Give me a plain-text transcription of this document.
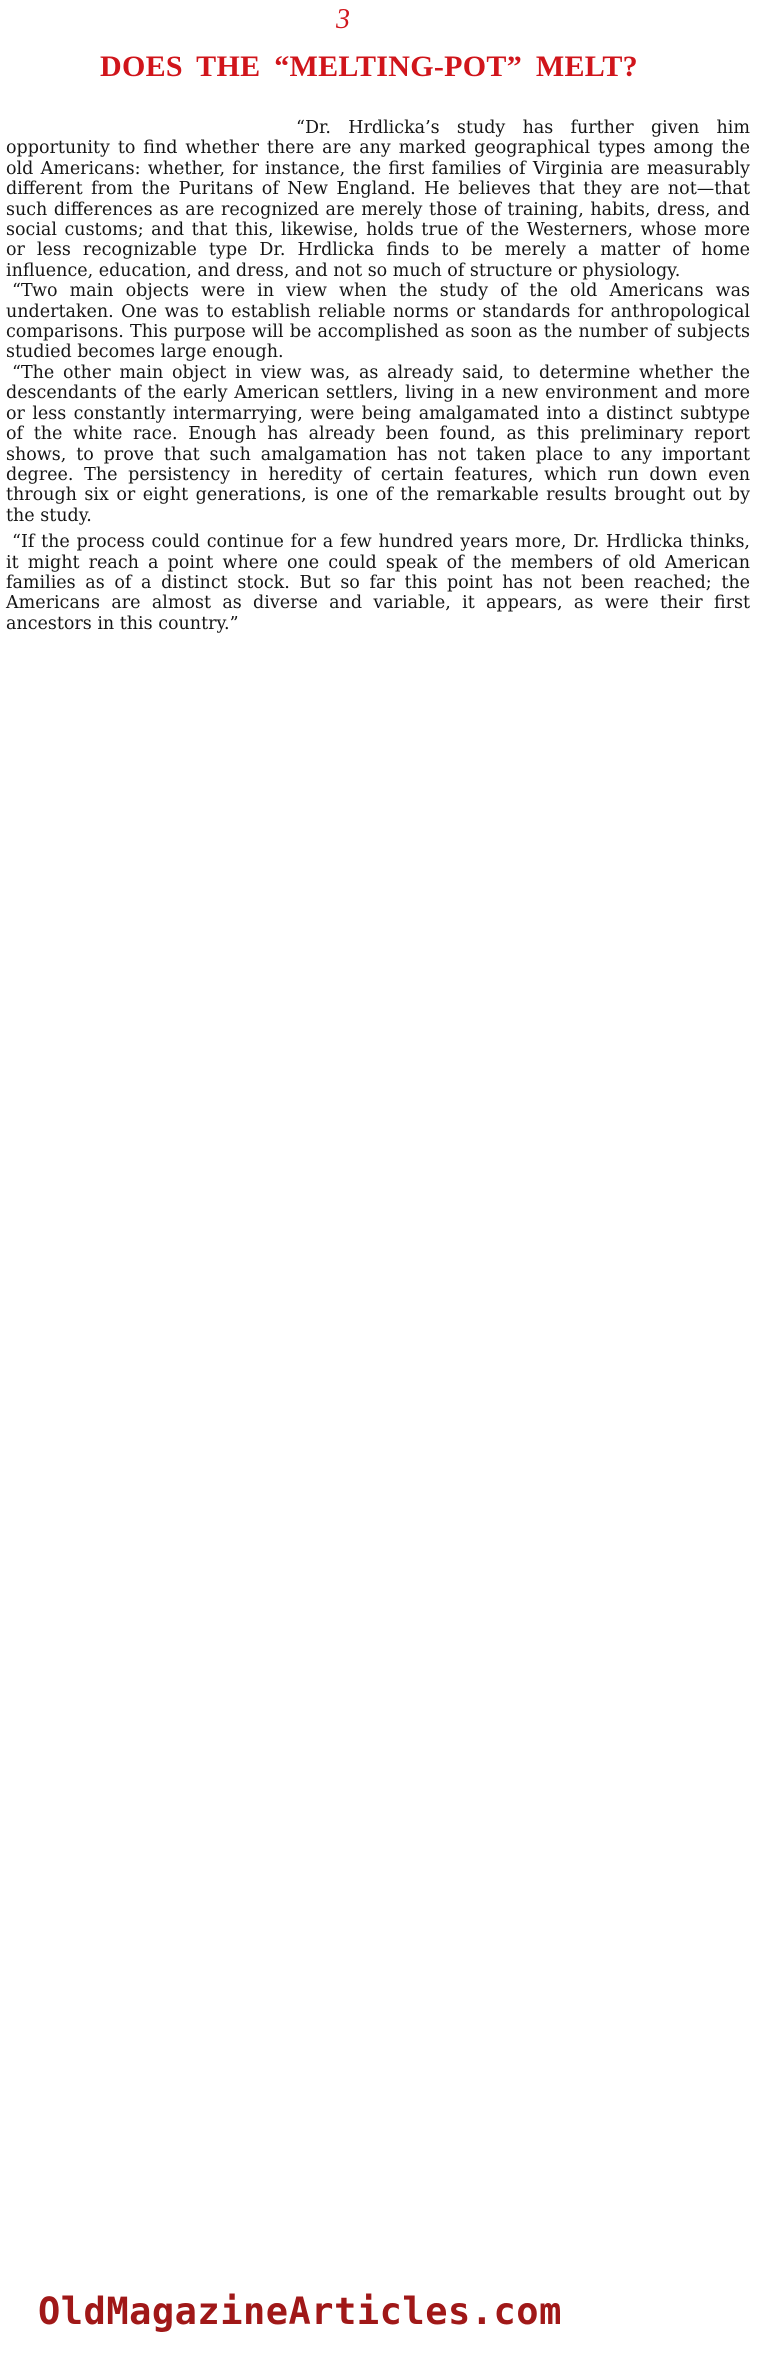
3
DOES THE “MELTING-POT” MELT?

“Dr. Hrdlicka’s study has further given him opportunity to find whether there are any marked geographical types among the old Americans: whether, for instance, the first families of Virginia are measurably different from the Puritans of New England. He believes that they are not—that such differences as are recognized are merely those of training, habits, dress, and social customs; and that this, likewise, holds true of the Westerners, whose more or less recognizable type Dr. Hrdlicka finds to be merely a matter of home influence, education, and dress, and not so much of structure or physiology.

“Two main objects were in view when the study of the old Americans was undertaken. One was to establish reliable norms or standards for anthropological comparisons. This purpose will be accomplished as soon as the number of subjects studied becomes large enough.

“The other main object in view was, as already said, to determine whether the descendants of the early American settlers, living in a new environment and more or less constantly intermarrying, were being amalgamated into a distinct subtype of the white race. Enough has already been found, as this preliminary report shows, to prove that such amalgamation has not taken place to any important degree. The persistency in heredity of certain features, which run down even through six or eight generations, is one of the remarkable results brought out by the study.

“If the process could continue for a few hundred years more, Dr. Hrdlicka thinks, it might reach a point where one could speak of the members of old American families as of a distinct stock. But so far this point has not been reached; the Americans are almost as diverse and variable, it appears, as were their first ancestors in this country.”

OldMagazineArticles.com
